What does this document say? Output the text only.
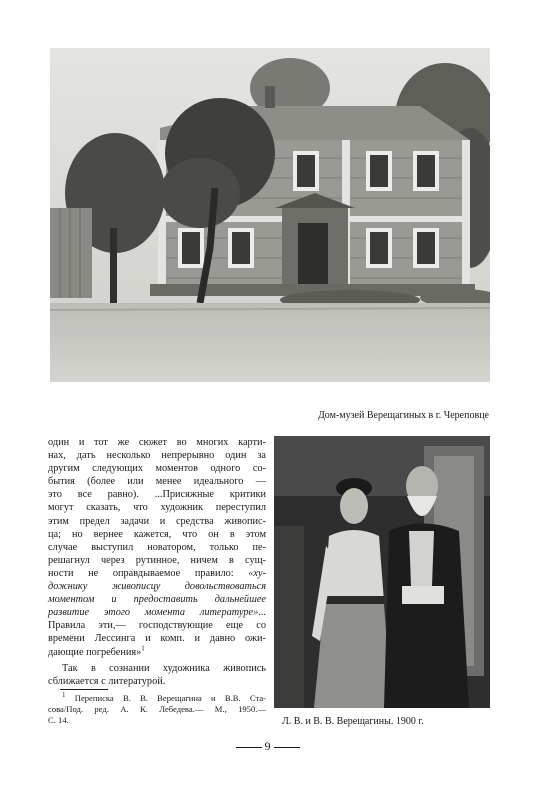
Дом-музей Верещагиных в г. Череповце
один и тот же сюжет во многих карти-
нах, дать несколько непрерывно один за
другим следующих моментов одного со-
бытия (более или менее идеального —
это все равно). ...Присяжные критики
могут сказать, что художник переступил
этим предел задачи и средства живопис-
ца; но вернее кажется, что он в этом
случае выступил новатором, только пе-
решагнул через рутинное, ничем в сущ-
ности не оправдываемое правило: «ху-
дожнику живописцу довольствоваться
моментом и предоставить дальнейшее
развитие этого момента литературе»...
Правила эти,— господствующие еще со
времени Лессинга и комп. и давно ожи-
дающие погребения»$^1$
Так в сознании художника живопись
сближается с литературой.
$^1$ Переписка В. В. Верещагина и В.В. Ста-
сова/Под. ред. А. К. Лебедева.— М., 1950.—
С. 14.	Л. В. и В. В. Верещагины. 1900 г.
9
